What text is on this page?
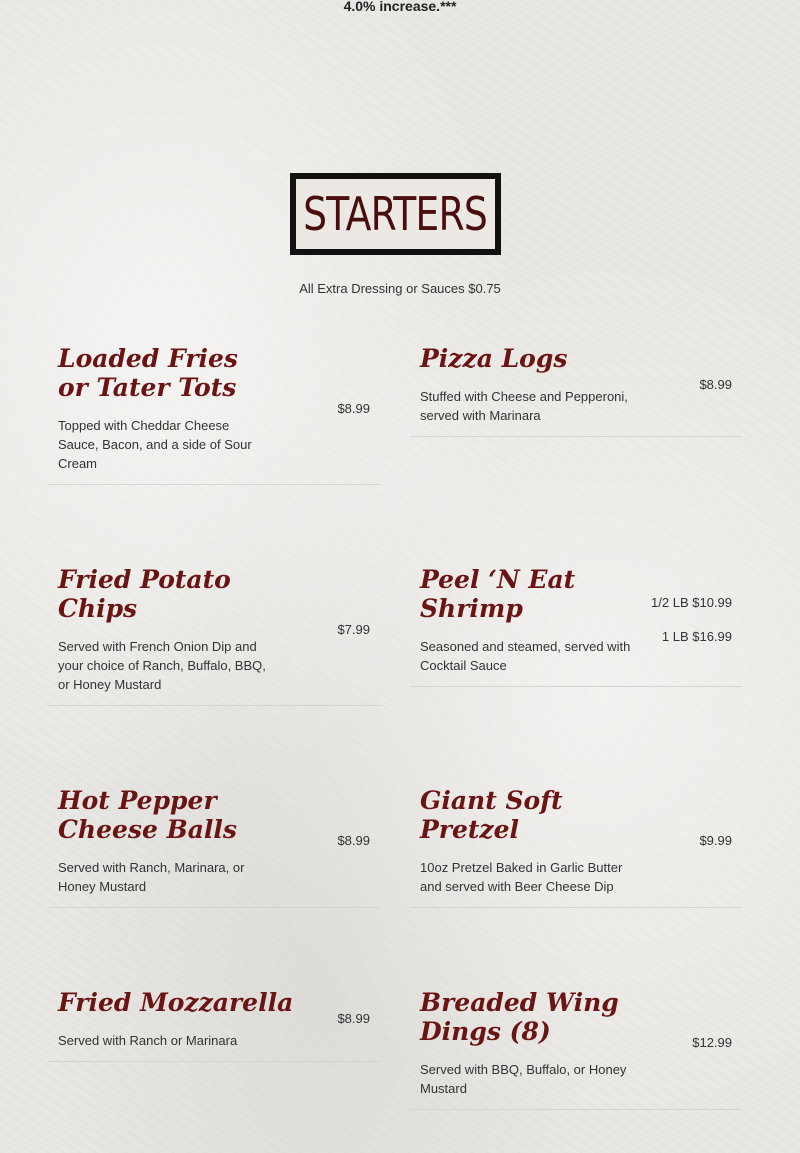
4.0% increase.***
STARTERS
All Extra Dressing or Sauces $0.75
Loaded Fries or Tater Tots
Topped with Cheddar Cheese Sauce, Bacon, and a side of Sour Cream
$8.99
Pizza Logs
Stuffed with Cheese and Pepperoni, served with Marinara
$8.99
Fried Potato Chips
Served with French Onion Dip and your choice of Ranch, Buffalo, BBQ, or Honey Mustard
$7.99
Peel ‘N Eat Shrimp
Seasoned and steamed, served with Cocktail Sauce
1/2 LB $10.99
1 LB $16.99
Hot Pepper Cheese Balls
Served with Ranch, Marinara, or Honey Mustard
$8.99
Giant Soft Pretzel
10oz Pretzel Baked in Garlic Butter and served with Beer Cheese Dip
$9.99
Fried Mozzarella
Served with Ranch or Marinara
$8.99
Breaded Wing Dings (8)
Served with BBQ, Buffalo, or Honey Mustard
$12.99
